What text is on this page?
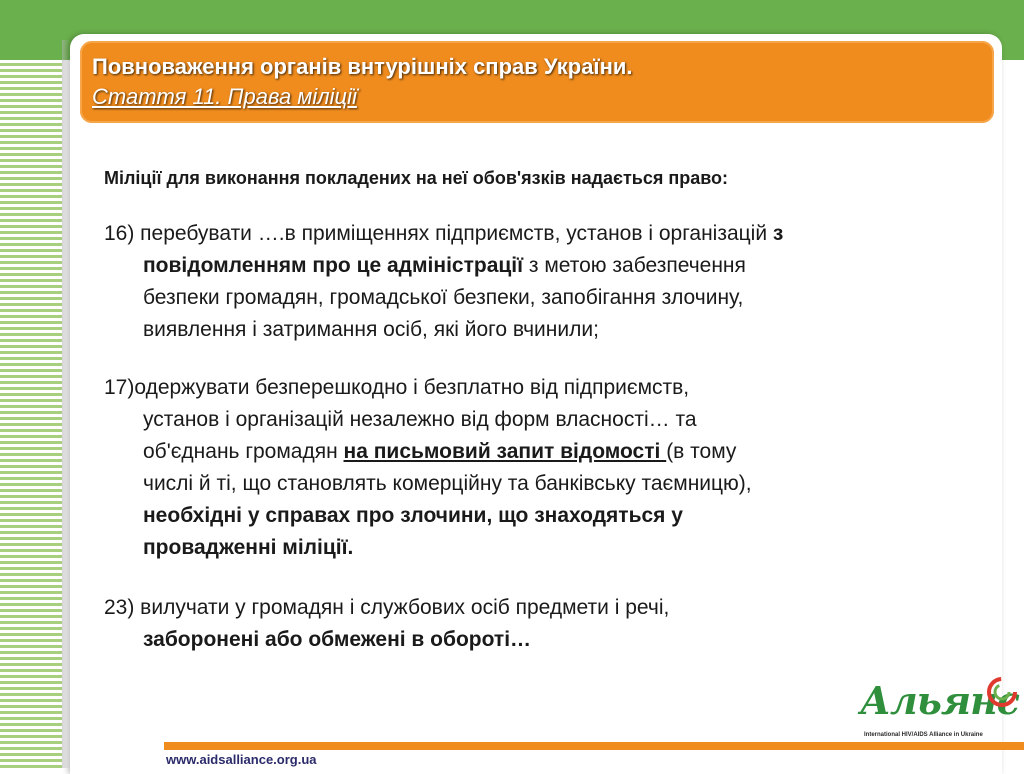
Повноваження органів внтурішніх справ України.
Стаття 11. Права міліції
Міліції для виконання покладених на неї обов'язків надається право:
16) перебувати ….в приміщеннях підприємств, установ і організацій з
повідомленням про це адміністрації з метою забезпечення
безпеки громадян, громадської безпеки, запобігання злочину,
виявлення і затримання осіб, які його вчинили;
17)одержувати безперешкодно і безплатно від підприємств,
установ і організацій незалежно від форм власності… та
об'єднань громадян на письмовий запит відомості (в тому
числі й ті, що становлять комерційну та банківську таємницю),
необхідні у справах про злочини, що знаходяться у
провадженні міліції.
23) вилучати у громадян і службових осіб предмети і речі,
заборонені або обмежені в обороті…
Альянс
International HIV/AIDS Alliance in Ukraine
www.aidsalliance.org.ua
